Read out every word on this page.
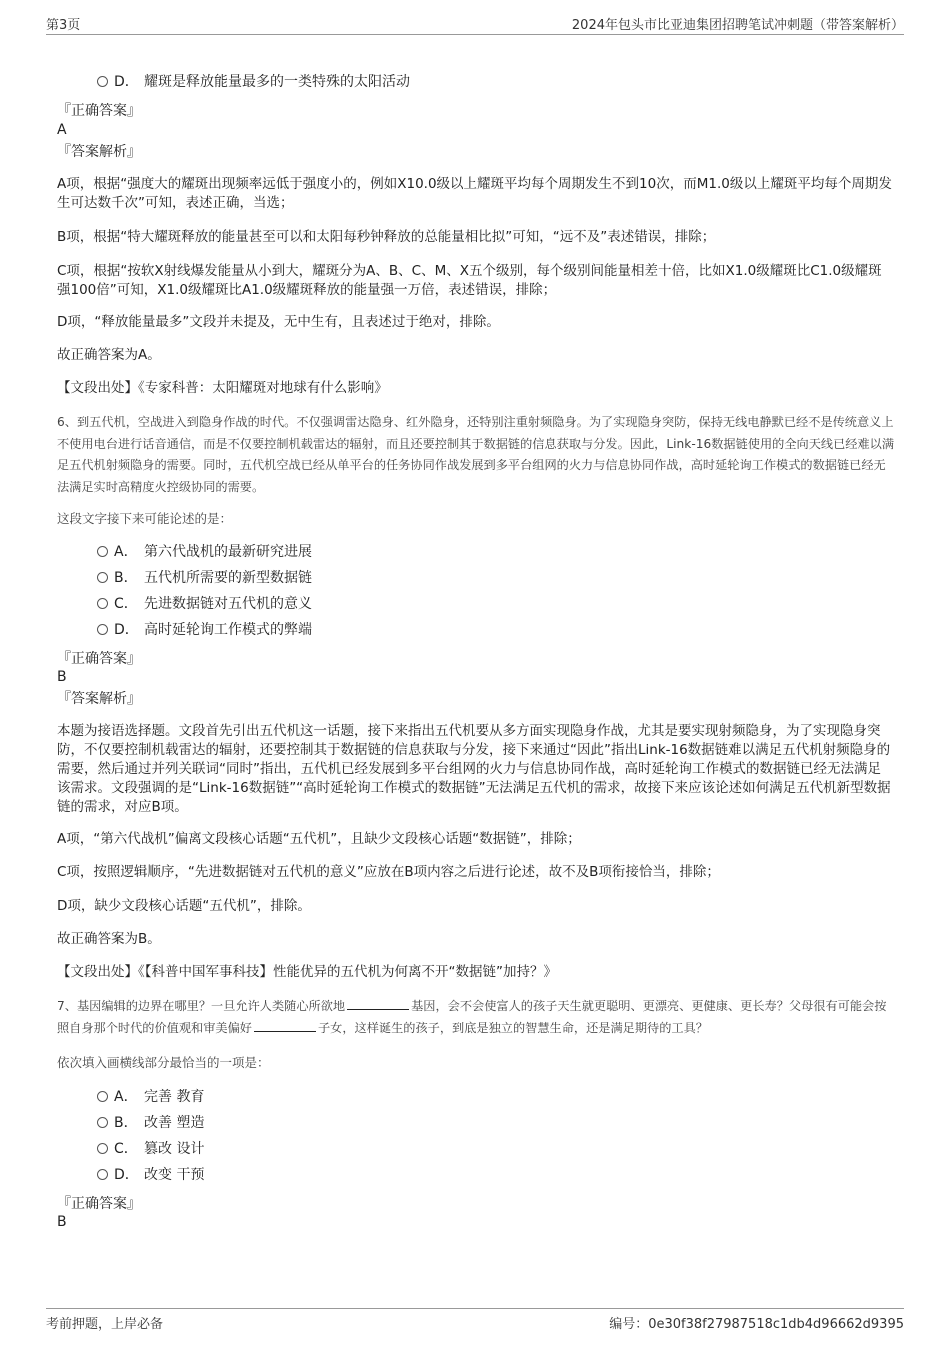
第3页	2024年包头市比亚迪集团招聘笔试冲刺题（带答案解析）
D． 耀斑是释放能量最多的一类特殊的太阳活动
『正确答案』
A
『答案解析』
A项，根据“强度大的耀斑出现频率远低于强度小的，例如X10.0级以上耀斑平均每个周期发生不到10次，而M1.0级以上耀斑平均每个周期发生可达数千次”可知，表述正确，当选；
B项，根据“特大耀斑释放的能量甚至可以和太阳每秒钟释放的总能量相比拟”可知，“远不及”表述错误，排除；
C项，根据“按软X射线爆发能量从小到大，耀斑分为A、B、C、M、X五个级别，每个级别间能量相差十倍，比如X1.0级耀斑比C1.0级耀斑强100倍”可知，X1.0级耀斑比A1.0级耀斑释放的能量强一万倍，表述错误，排除；
D项，“释放能量最多”文段并未提及，无中生有，且表述过于绝对，排除。
故正确答案为A。
【文段出处】《专家科普：太阳耀斑对地球有什么影响》
6、到五代机，空战进入到隐身作战的时代。不仅强调雷达隐身、红外隐身，还特别注重射频隐身。为了实现隐身突防，保持无线电静默已经不是传统意义上不使用电台进行话音通信，而是不仅要控制机载雷达的辐射，而且还要控制其于数据链的信息获取与分发。因此，Link-16数据链使用的全向天线已经难以满足五代机射频隐身的需要。同时，五代机空战已经从单平台的任务协同作战发展到多平台组网的火力与信息协同作战，高时延轮询工作模式的数据链已经无法满足实时高精度火控级协同的需要。
这段文字接下来可能论述的是：
A． 第六代战机的最新研究进展
B． 五代机所需要的新型数据链
C． 先进数据链对五代机的意义
D． 高时延轮询工作模式的弊端
『正确答案』
B
『答案解析』
本题为接语选择题。文段首先引出五代机这一话题，接下来指出五代机要从多方面实现隐身作战，尤其是要实现射频隐身，为了实现隐身突防，不仅要控制机载雷达的辐射，还要控制其于数据链的信息获取与分发，接下来通过“因此”指出Link-16数据链难以满足五代机射频隐身的需要，然后通过并列关联词“同时”指出，五代机已经发展到多平台组网的火力与信息协同作战，高时延轮询工作模式的数据链已经无法满足该需求。文段强调的是“Link-16数据链”“高时延轮询工作模式的数据链”无法满足五代机的需求，故接下来应该论述如何满足五代机新型数据链的需求，对应B项。
A项，“第六代战机”偏离文段核心话题“五代机”，且缺少文段核心话题“数据链”，排除；
C项，按照逻辑顺序，“先进数据链对五代机的意义”应放在B项内容之后进行论述，故不及B项衔接恰当，排除；
D项，缺少文段核心话题“五代机”，排除。
故正确答案为B。
【文段出处】《【科普中国军事科技】性能优异的五代机为何离不开“数据链”加持？》
7、基因编辑的边界在哪里？一旦允许人类随心所欲地	基因，会不会使富人的孩子天生就更聪明、更漂亮、更健康、更长寿？父母很有可能会按照自身那个时代的价值观和审美偏好	子女，这样诞生的孩子，到底是独立的智慧生命，还是满足期待的工具？
依次填入画横线部分最恰当的一项是：
A． 完善 教育
B． 改善 塑造
C． 篡改 设计
D． 改变 干预
『正确答案』
B
考前押题，上岸必备	编号：0e30f38f27987518c1db4d96662d9395
